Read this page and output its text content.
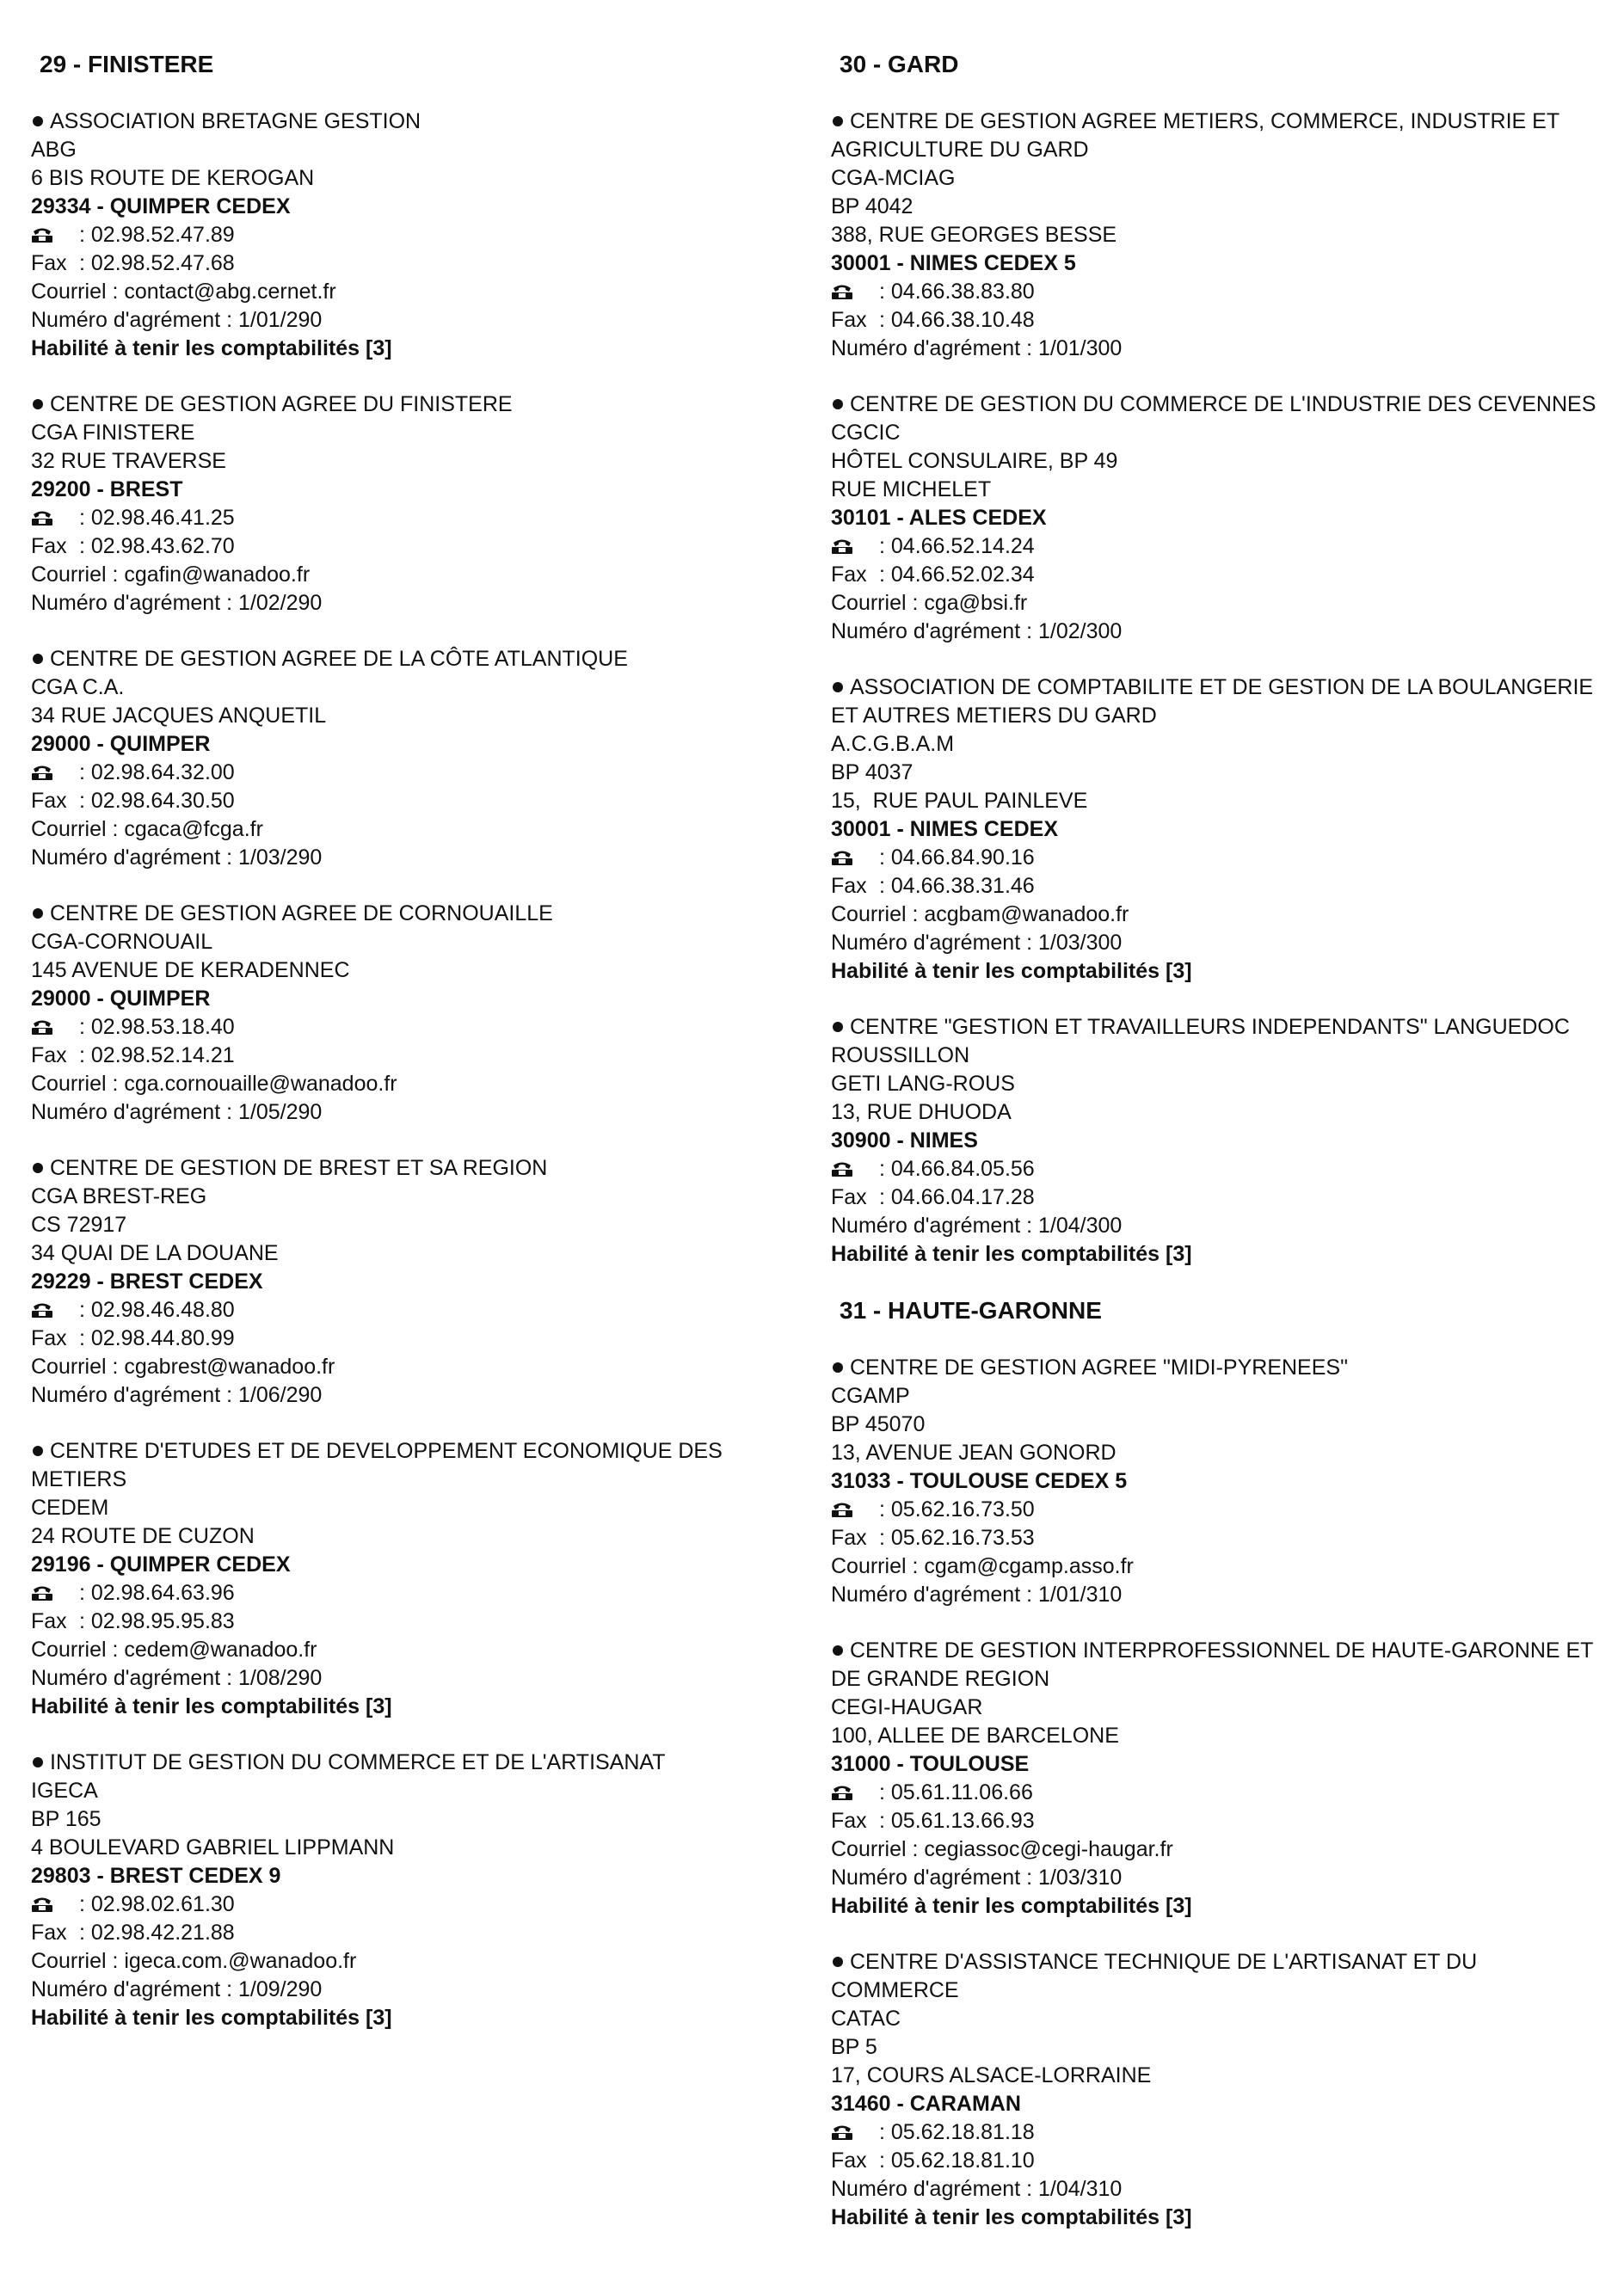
29 - FINISTERE
ASSOCIATION BRETAGNE GESTION
ABG
6 BIS ROUTE DE KEROGAN
29334 - QUIMPER CEDEX
: 02.98.52.47.89
Fax : 02.98.52.47.68
Courriel : contact@abg.cernet.fr
Numéro d'agrément : 1/01/290
Habilité à tenir les comptabilités [3]
CENTRE DE GESTION AGREE DU FINISTERE
CGA FINISTERE
32 RUE TRAVERSE
29200 - BREST
: 02.98.46.41.25
Fax : 02.98.43.62.70
Courriel : cgafin@wanadoo.fr
Numéro d'agrément : 1/02/290
CENTRE DE GESTION AGREE DE LA CÔTE ATLANTIQUE
CGA C.A.
34 RUE JACQUES ANQUETIL
29000 - QUIMPER
: 02.98.64.32.00
Fax : 02.98.64.30.50
Courriel : cgaca@fcga.fr
Numéro d'agrément : 1/03/290
CENTRE DE GESTION AGREE DE CORNOUAILLE
CGA-CORNOUAIL
145 AVENUE DE KERADENNEC
29000 - QUIMPER
: 02.98.53.18.40
Fax : 02.98.52.14.21
Courriel : cga.cornouaille@wanadoo.fr
Numéro d'agrément : 1/05/290
CENTRE DE GESTION DE BREST ET SA REGION
CGA BREST-REG
CS 72917
34 QUAI DE LA DOUANE
29229 - BREST CEDEX
: 02.98.46.48.80
Fax : 02.98.44.80.99
Courriel : cgabrest@wanadoo.fr
Numéro d'agrément : 1/06/290
CENTRE D'ETUDES ET DE DEVELOPPEMENT ECONOMIQUE DES METIERS
CEDEM
24 ROUTE DE CUZON
29196 - QUIMPER CEDEX
: 02.98.64.63.96
Fax : 02.98.95.95.83
Courriel : cedem@wanadoo.fr
Numéro d'agrément : 1/08/290
Habilité à tenir les comptabilités [3]
INSTITUT DE GESTION DU COMMERCE ET DE L'ARTISANAT
IGECA
BP 165
4 BOULEVARD GABRIEL LIPPMANN
29803 - BREST CEDEX 9
: 02.98.02.61.30
Fax : 02.98.42.21.88
Courriel : igeca.com.@wanadoo.fr
Numéro d'agrément : 1/09/290
Habilité à tenir les comptabilités [3]
30 - GARD
CENTRE DE GESTION AGREE METIERS, COMMERCE, INDUSTRIE ET AGRICULTURE DU GARD
CGA-MCIAG
BP 4042
388, RUE GEORGES BESSE
30001 - NIMES CEDEX 5
: 04.66.38.83.80
Fax : 04.66.38.10.48
Numéro d'agrément : 1/01/300
CENTRE DE GESTION DU COMMERCE DE L'INDUSTRIE DES CEVENNES
CGCIC
HÔTEL CONSULAIRE, BP 49
RUE MICHELET
30101 - ALES CEDEX
: 04.66.52.14.24
Fax : 04.66.52.02.34
Courriel : cga@bsi.fr
Numéro d'agrément : 1/02/300
ASSOCIATION DE COMPTABILITE ET DE GESTION DE LA BOULANGERIE ET AUTRES METIERS DU GARD
A.C.G.B.A.M
BP 4037
15,  RUE PAUL PAINLEVE
30001 - NIMES CEDEX
: 04.66.84.90.16
Fax : 04.66.38.31.46
Courriel : acgbam@wanadoo.fr
Numéro d'agrément : 1/03/300
Habilité à tenir les comptabilités [3]
CENTRE "GESTION ET TRAVAILLEURS INDEPENDANTS" LANGUEDOC ROUSSILLON
GETI LANG-ROUS
13, RUE DHUODA
30900 - NIMES
: 04.66.84.05.56
Fax : 04.66.04.17.28
Numéro d'agrément : 1/04/300
Habilité à tenir les comptabilités [3]
31 - HAUTE-GARONNE
CENTRE DE GESTION AGREE "MIDI-PYRENEES"
CGAMP
BP 45070
13, AVENUE JEAN GONORD
31033 - TOULOUSE CEDEX 5
: 05.62.16.73.50
Fax : 05.62.16.73.53
Courriel : cgam@cgamp.asso.fr
Numéro d'agrément : 1/01/310
CENTRE DE GESTION INTERPROFESSIONNEL DE HAUTE-GARONNE ET DE GRANDE REGION
CEGI-HAUGAR
100, ALLEE DE BARCELONE
31000 - TOULOUSE
: 05.61.11.06.66
Fax : 05.61.13.66.93
Courriel : cegiassoc@cegi-haugar.fr
Numéro d'agrément : 1/03/310
Habilité à tenir les comptabilités [3]
CENTRE D'ASSISTANCE TECHNIQUE DE L'ARTISANAT ET DU COMMERCE
CATAC
BP 5
17, COURS ALSACE-LORRAINE
31460 - CARAMAN
: 05.62.18.81.18
Fax : 05.62.18.81.10
Numéro d'agrément : 1/04/310
Habilité à tenir les comptabilités [3]
